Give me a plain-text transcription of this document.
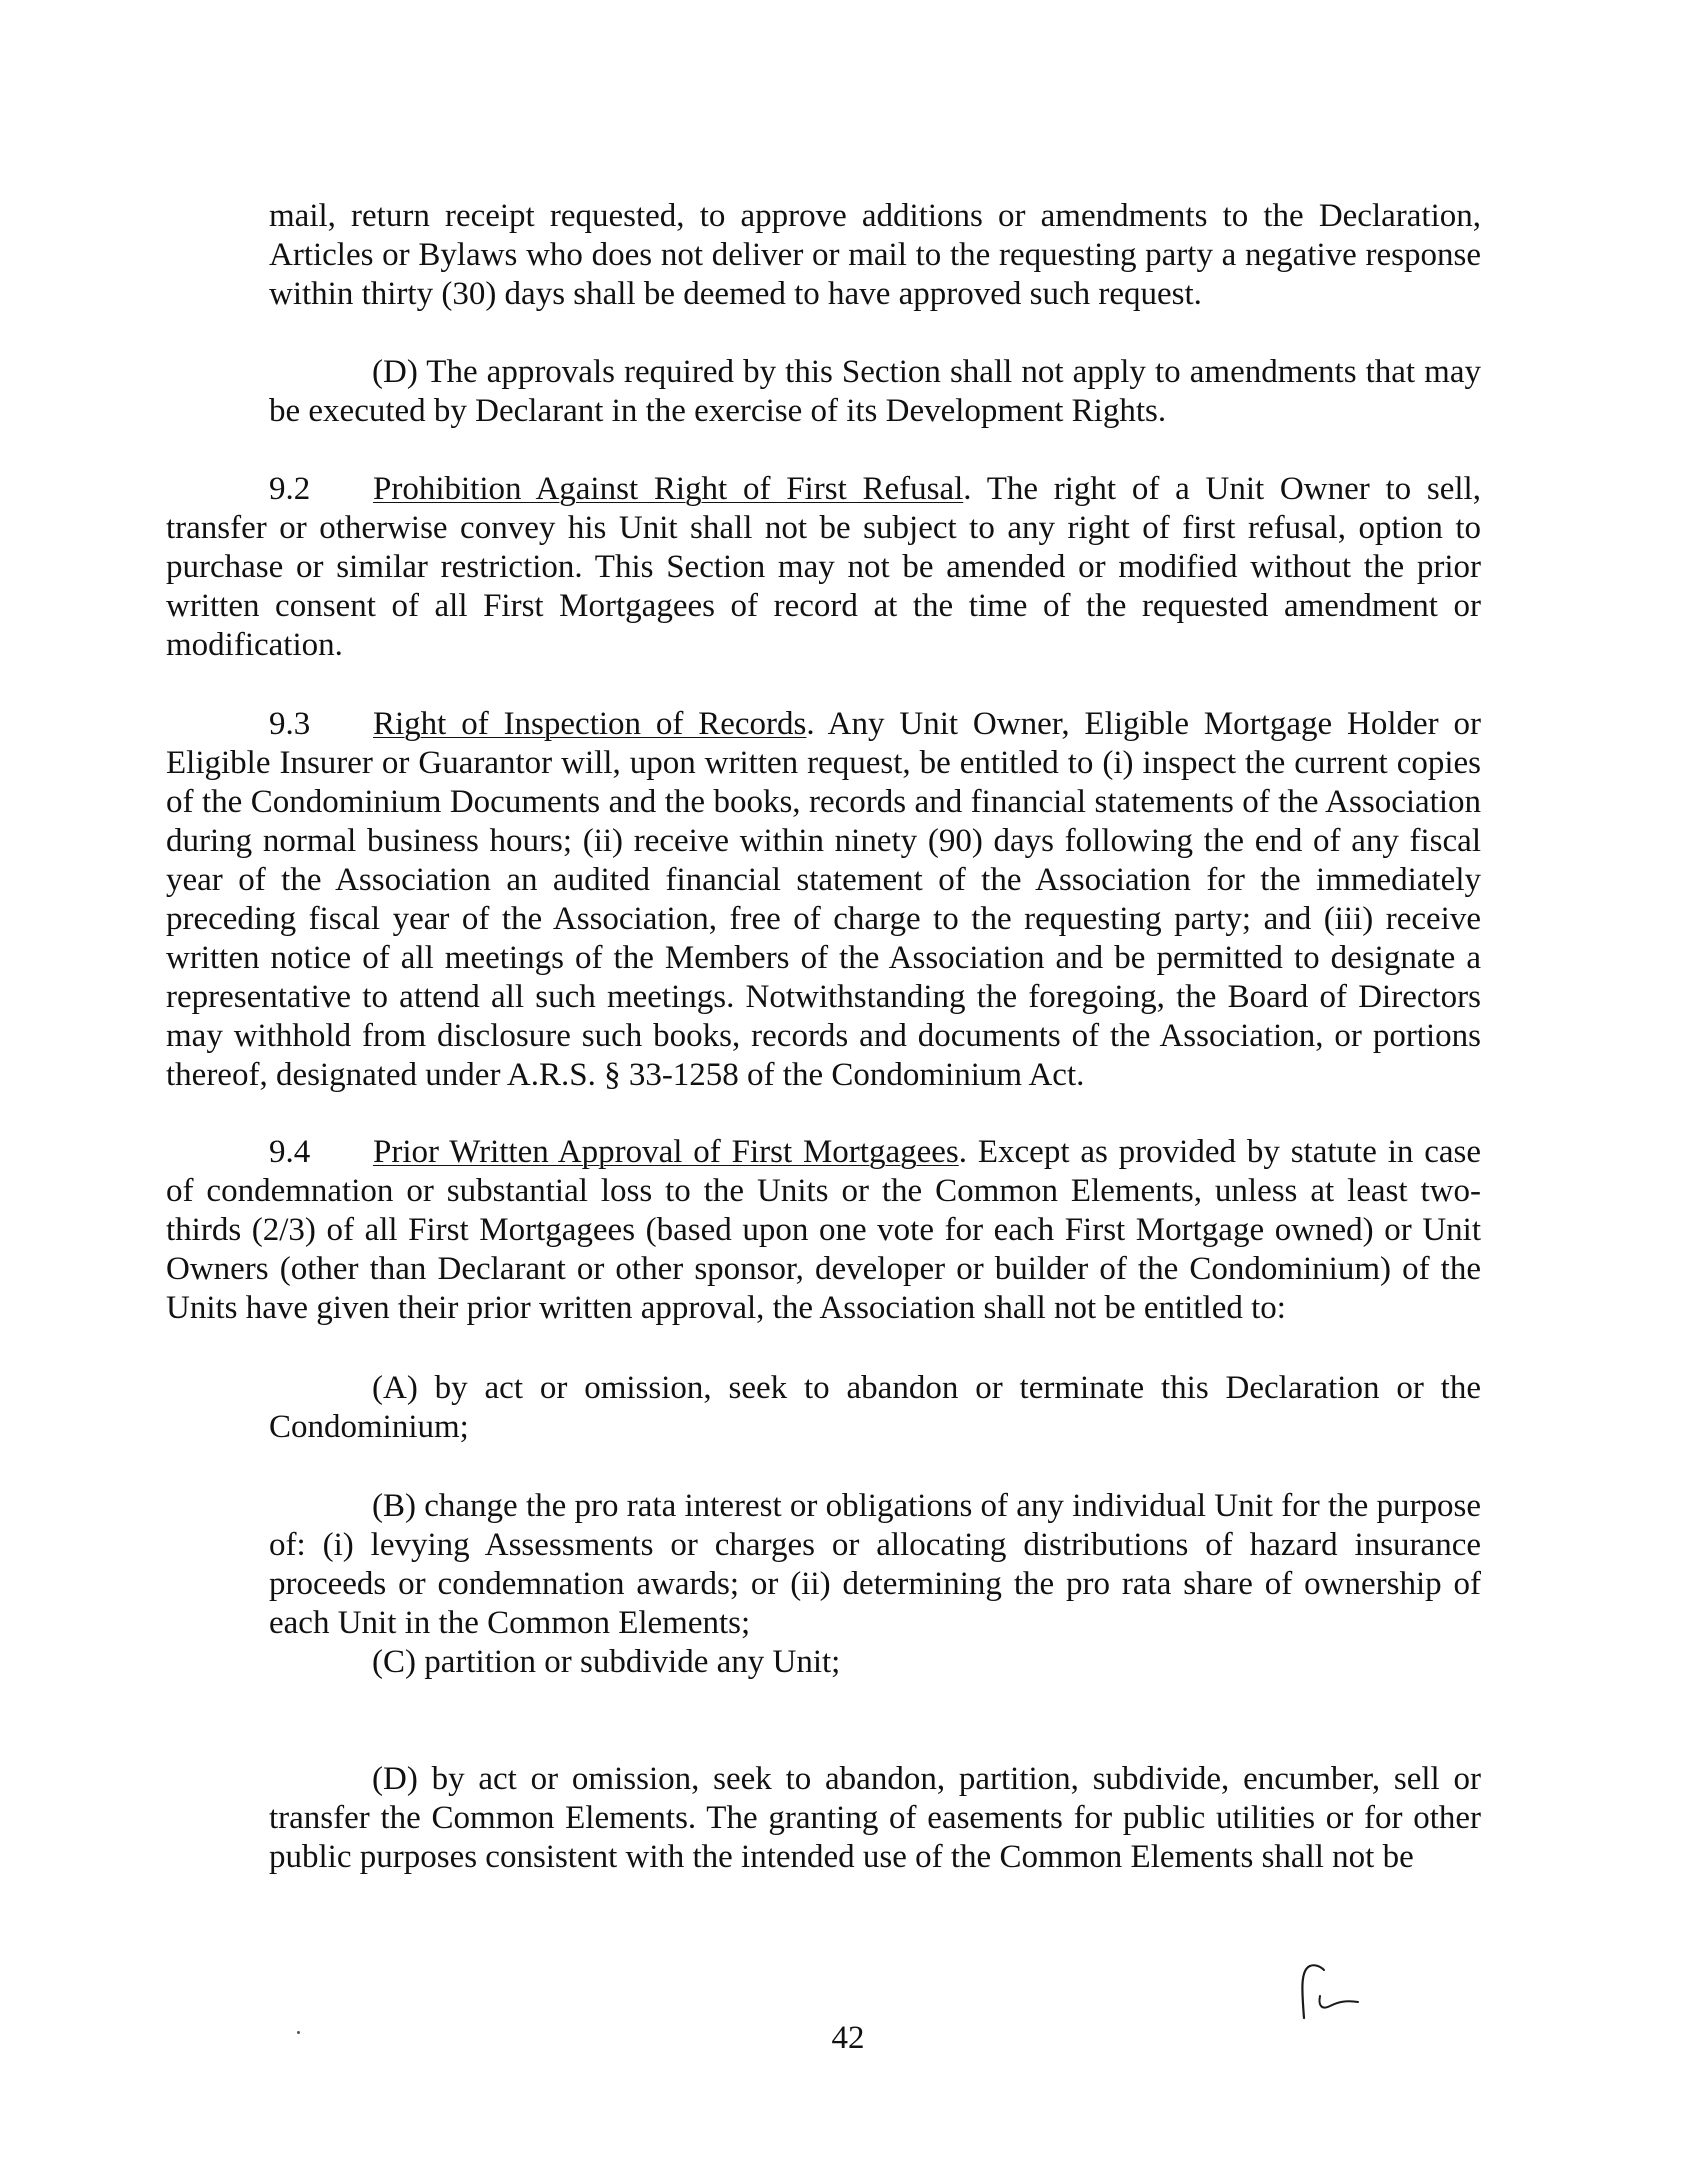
mail, return receipt requested, to approve additions or amendments to the Declaration, Articles or Bylaws who does not deliver or mail to the requesting party a negative response within thirty (30) days shall be deemed to have approved such request.

(D) The approvals required by this Section shall not apply to amendments that may be executed by Declarant in the exercise of its Development Rights.

9.2 Prohibition Against Right of First Refusal. The right of a Unit Owner to sell, transfer or otherwise convey his Unit shall not be subject to any right of first refusal, option to purchase or similar restriction. This Section may not be amended or modified without the prior written consent of all First Mortgagees of record at the time of the requested amendment or modification.

9.3 Right of Inspection of Records. Any Unit Owner, Eligible Mortgage Holder or Eligible Insurer or Guarantor will, upon written request, be entitled to (i) inspect the current copies of the Condominium Documents and the books, records and financial statements of the Association during normal business hours; (ii) receive within ninety (90) days following the end of any fiscal year of the Association an audited financial statement of the Association for the immediately preceding fiscal year of the Association, free of charge to the requesting party; and (iii) receive written notice of all meetings of the Members of the Association and be permitted to designate a representative to attend all such meetings. Notwithstanding the foregoing, the Board of Directors may withhold from disclosure such books, records and documents of the Association, or portions thereof, designated under A.R.S. § 33-1258 of the Condominium Act.

9.4 Prior Written Approval of First Mortgagees. Except as provided by statute in case of condemnation or substantial loss to the Units or the Common Elements, unless at least two-thirds (2/3) of all First Mortgagees (based upon one vote for each First Mortgage owned) or Unit Owners (other than Declarant or other sponsor, developer or builder of the Condominium) of the Units have given their prior written approval, the Association shall not be entitled to:

(A) by act or omission, seek to abandon or terminate this Declaration or the Condominium;

(B) change the pro rata interest or obligations of any individual Unit for the purpose of: (i) levying Assessments or charges or allocating distributions of hazard insurance proceeds or condemnation awards; or (ii) determining the pro rata share of ownership of each Unit in the Common Elements;

(C) partition or subdivide any Unit;

(D) by act or omission, seek to abandon, partition, subdivide, encumber, sell or transfer the Common Elements. The granting of easements for public utilities or for other public purposes consistent with the intended use of the Common Elements shall not be

42
